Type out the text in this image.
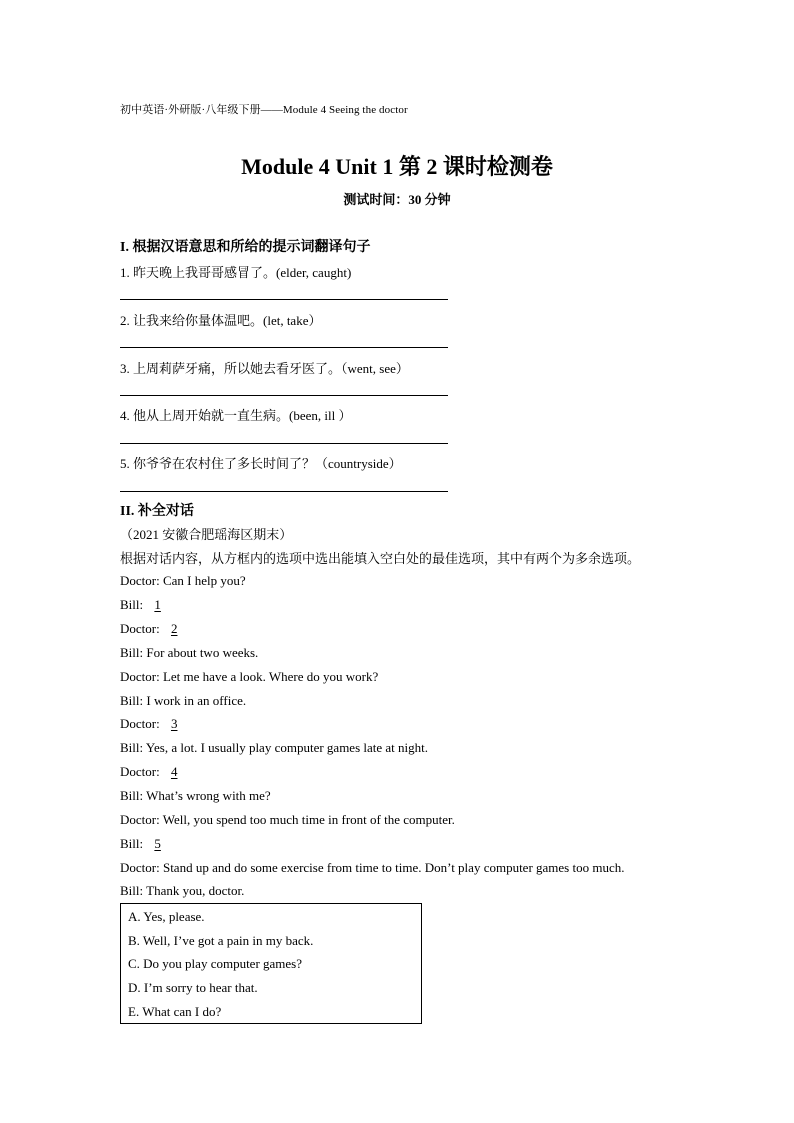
初中英语·外研版·八年级下册——Module 4 Seeing the doctor
Module 4 Unit 1 第 2 课时检测卷
测试时间：30 分钟
I. 根据汉语意思和所给的提示词翻译句子
1. 昨天晚上我哥哥感冒了。(elder, caught)
2. 让我来给你量体温吧。(let, take）
3. 上周莉萨牙痛，所以她去看牙医了。（went, see）
4. 他从上周开始就一直生病。(been, ill ）
5. 你爷爷在农村住了多长时间了？（countryside）
II. 补全对话
（2021 安徽合肥瑶海区期末）
根据对话内容，从方框内的选项中选出能填入空白处的最佳选项，其中有两个为多余选项。
Doctor: Can I help you?
Bill: 1
Doctor: 2
Bill: For about two weeks.
Doctor: Let me have a look. Where do you work?
Bill: I work in an office.
Doctor: 3
Bill: Yes, a lot. I usually play computer games late at night.
Doctor: 4
Bill: What’s wrong with me?
Doctor: Well, you spend too much time in front of the computer.
Bill: 5
Doctor: Stand up and do some exercise from time to time. Don’t play computer games too much.
Bill: Thank you, doctor.
A. Yes, please.
B. Well, I’ve got a pain in my back.
C. Do you play computer games?
D. I’m sorry to hear that.
E. What can I do?
